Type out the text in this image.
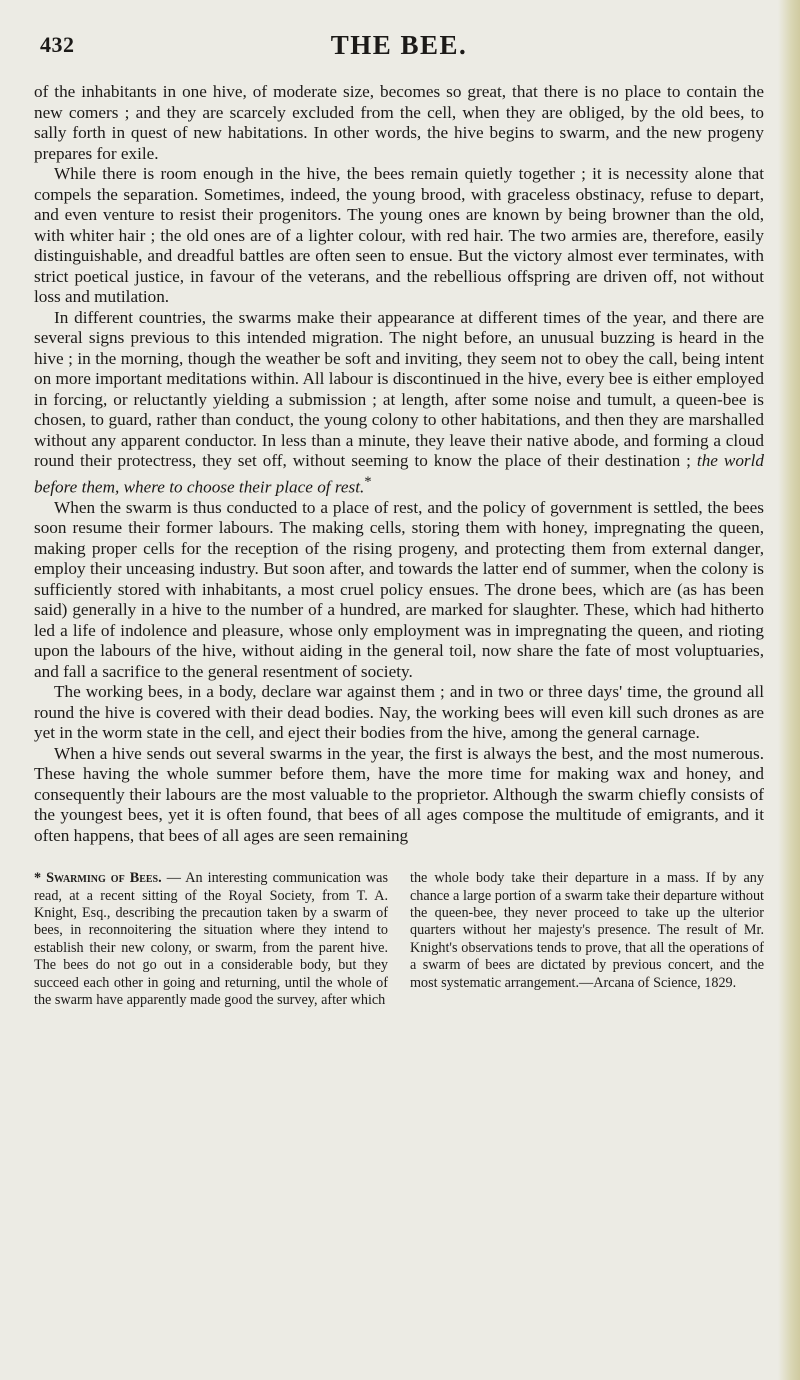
432	THE BEE.

of the inhabitants in one hive, of moderate size, becomes so great, that there is no place to contain the new comers ; and they are scarcely excluded from the cell, when they are obliged, by the old bees, to sally forth in quest of new habitations. In other words, the hive begins to swarm, and the new progeny prepares for exile.

While there is room enough in the hive, the bees remain quietly together ; it is necessity alone that compels the separation. Sometimes, indeed, the young brood, with graceless obstinacy, refuse to depart, and even venture to resist their progenitors. The young ones are known by being browner than the old, with whiter hair ; the old ones are of a lighter colour, with red hair. The two armies are, therefore, easily distinguishable, and dreadful battles are often seen to ensue. But the victory almost ever terminates, with strict poetical justice, in favour of the veterans, and the rebellious offspring are driven off, not without loss and mutilation.

In different countries, the swarms make their appearance at different times of the year, and there are several signs previous to this intended migration. The night before, an unusual buzzing is heard in the hive ; in the morning, though the weather be soft and inviting, they seem not to obey the call, being intent on more important meditations within. All labour is discontinued in the hive, every bee is either employed in forcing, or reluctantly yielding a submission ; at length, after some noise and tumult, a queen-bee is chosen, to guard, rather than conduct, the young colony to other habitations, and then they are marshalled without any apparent conductor. In less than a minute, they leave their native abode, and forming a cloud round their protectress, they set off, without seeming to know the place of their destination ; the world before them, where to choose their place of rest.*

When the swarm is thus conducted to a place of rest, and the policy of government is settled, the bees soon resume their former labours. The making cells, storing them with honey, impregnating the queen, making proper cells for the reception of the rising progeny, and protecting them from external danger, employ their unceasing industry. But soon after, and towards the latter end of summer, when the colony is sufficiently stored with inhabitants, a most cruel policy ensues. The drone bees, which are (as has been said) generally in a hive to the number of a hundred, are marked for slaughter. These, which had hitherto led a life of indolence and pleasure, whose only employment was in impregnating the queen, and rioting upon the labours of the hive, without aiding in the general toil, now share the fate of most voluptuaries, and fall a sacrifice to the general resentment of society.

The working bees, in a body, declare war against them ; and in two or three days' time, the ground all round the hive is covered with their dead bodies. Nay, the working bees will even kill such drones as are yet in the worm state in the cell, and eject their bodies from the hive, among the general carnage.

When a hive sends out several swarms in the year, the first is always the best, and the most numerous. These having the whole summer before them, have the more time for making wax and honey, and consequently their labours are the most valuable to the proprietor. Although the swarm chiefly consists of the youngest bees, yet it is often found, that bees of all ages compose the multitude of emigrants, and it often happens, that bees of all ages are seen remaining

* Swarming of Bees. — An interesting communication was read, at a recent sitting of the Royal Society, from T. A. Knight, Esq., describing the precaution taken by a swarm of bees, in reconnoitering the situation where they intend to establish their new colony, or swarm, from the parent hive. The bees do not go out in a considerable body, but they succeed each other in going and returning, until the whole of the swarm have apparently made good the survey, after which
the whole body take their departure in a mass. If by any chance a large portion of a swarm take their departure without the queen-bee, they never proceed to take up the ulterior quarters without her majesty's presence. The result of Mr. Knight's observations tends to prove, that all the operations of a swarm of bees are dictated by previous concert, and the most systematic arrangement.—Arcana of Science, 1829.
